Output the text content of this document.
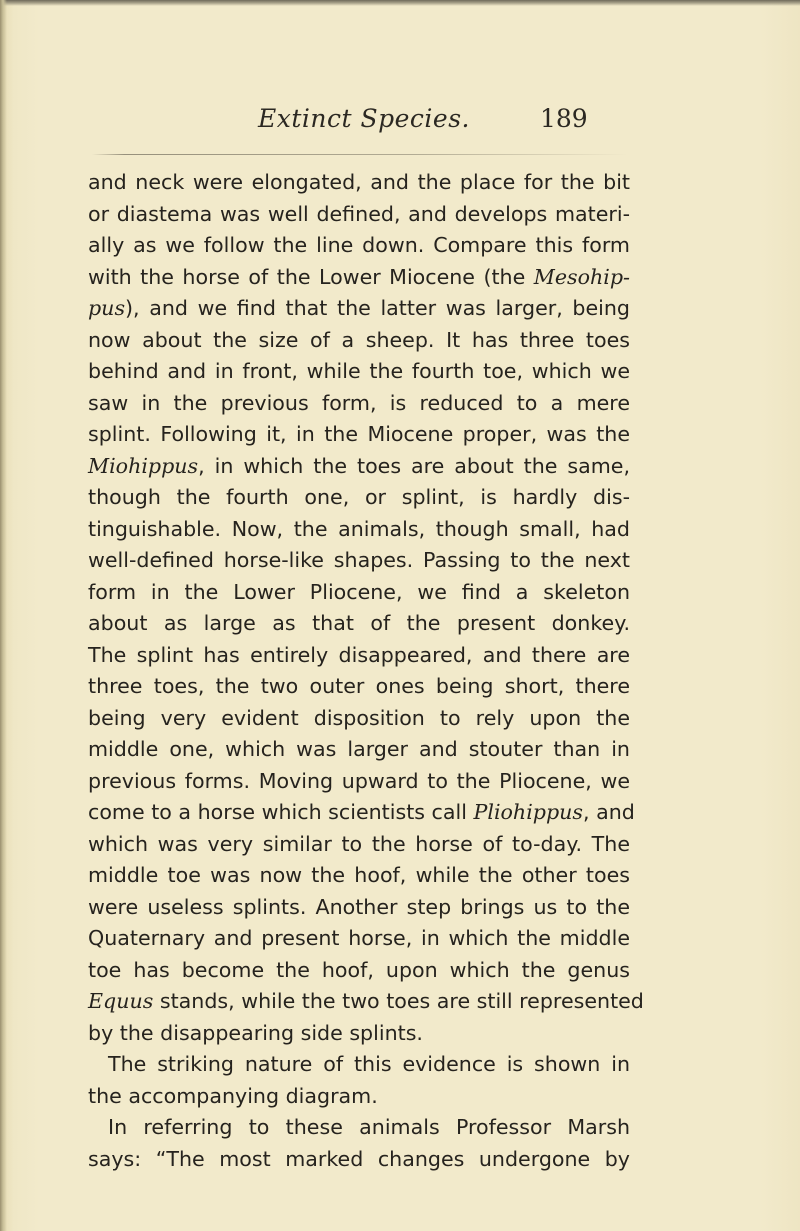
Extinct Species.	189
and neck were elongated, and the place for the bit
or diastema was well defined, and develops materi-
ally as we follow the line down. Compare this form
with the horse of the Lower Miocene (the Mesohip-
pus), and we find that the latter was larger, being
now about the size of a sheep. It has three toes
behind and in front, while the fourth toe, which we
saw in the previous form, is reduced to a mere
splint. Following it, in the Miocene proper, was the
Miohippus, in which the toes are about the same,
though the fourth one, or splint, is hardly dis-
tinguishable. Now, the animals, though small, had
well-defined horse-like shapes. Passing to the next
form in the Lower Pliocene, we find a skeleton
about as large as that of the present donkey.
The splint has entirely disappeared, and there are
three toes, the two outer ones being short, there
being very evident disposition to rely upon the
middle one, which was larger and stouter than in
previous forms. Moving upward to the Pliocene, we
come to a horse which scientists call Pliohippus, and
which was very similar to the horse of to-day. The
middle toe was now the hoof, while the other toes
were useless splints. Another step brings us to the
Quaternary and present horse, in which the middle
toe has become the hoof, upon which the genus
Equus stands, while the two toes are still represented
by the disappearing side splints.
The striking nature of this evidence is shown in
the accompanying diagram.
In referring to these animals Professor Marsh
says: “The most marked changes undergone by
